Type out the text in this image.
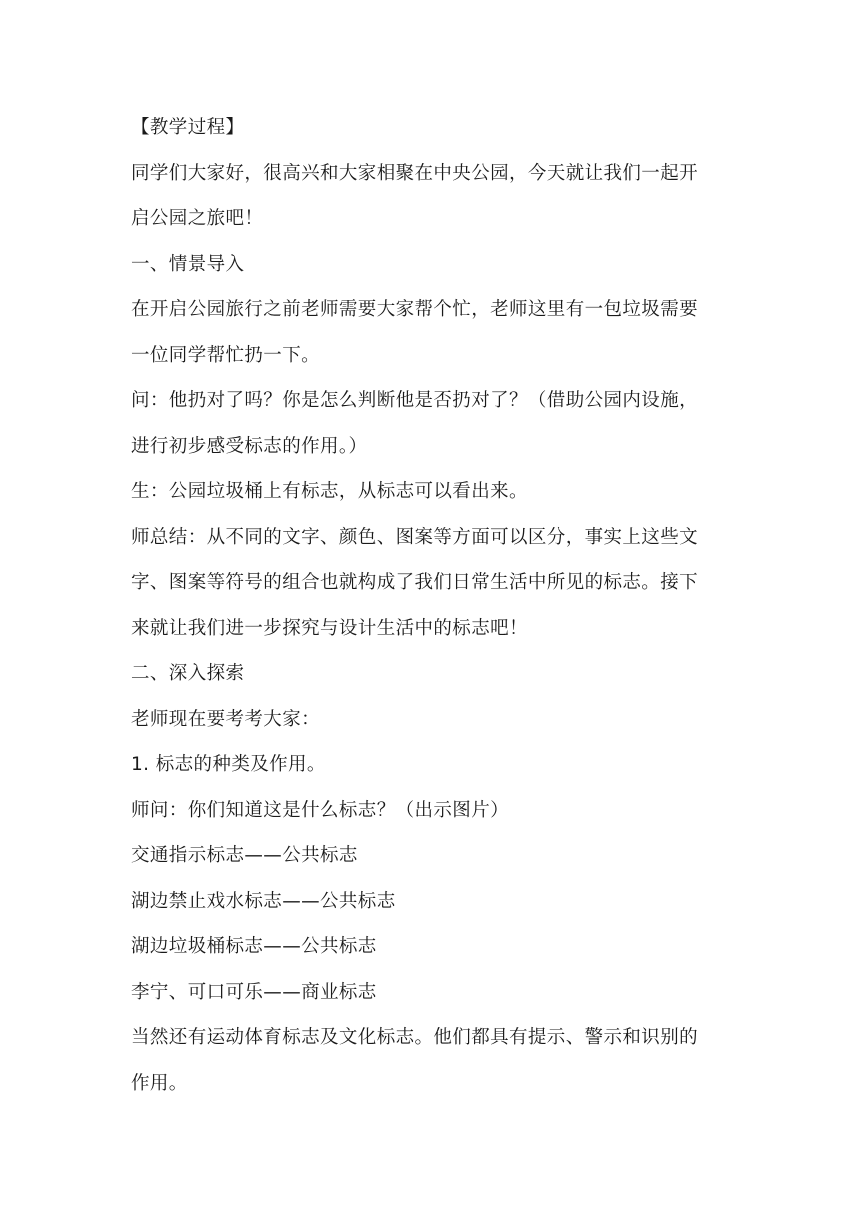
【教学过程】
同学们大家好，很高兴和大家相聚在中央公园，今天就让我们一起开
启公园之旅吧！
一、情景导入
在开启公园旅行之前老师需要大家帮个忙，老师这里有一包垃圾需要
一位同学帮忙扔一下。
问：他扔对了吗？你是怎么判断他是否扔对了？（借助公园内设施，
进行初步感受标志的作用。）
生：公园垃圾桶上有标志，从标志可以看出来。
师总结：从不同的文字、颜色、图案等方面可以区分，事实上这些文
字、图案等符号的组合也就构成了我们日常生活中所见的标志。接下
来就让我们进一步探究与设计生活中的标志吧！
二、深入探索
老师现在要考考大家：
1. 标志的种类及作用。
师问：你们知道这是什么标志？（出示图片）
交通指示标志——公共标志
湖边禁止戏水标志——公共标志
湖边垃圾桶标志——公共标志
李宁、可口可乐——商业标志
当然还有运动体育标志及文化标志。他们都具有提示、警示和识别的
作用。
